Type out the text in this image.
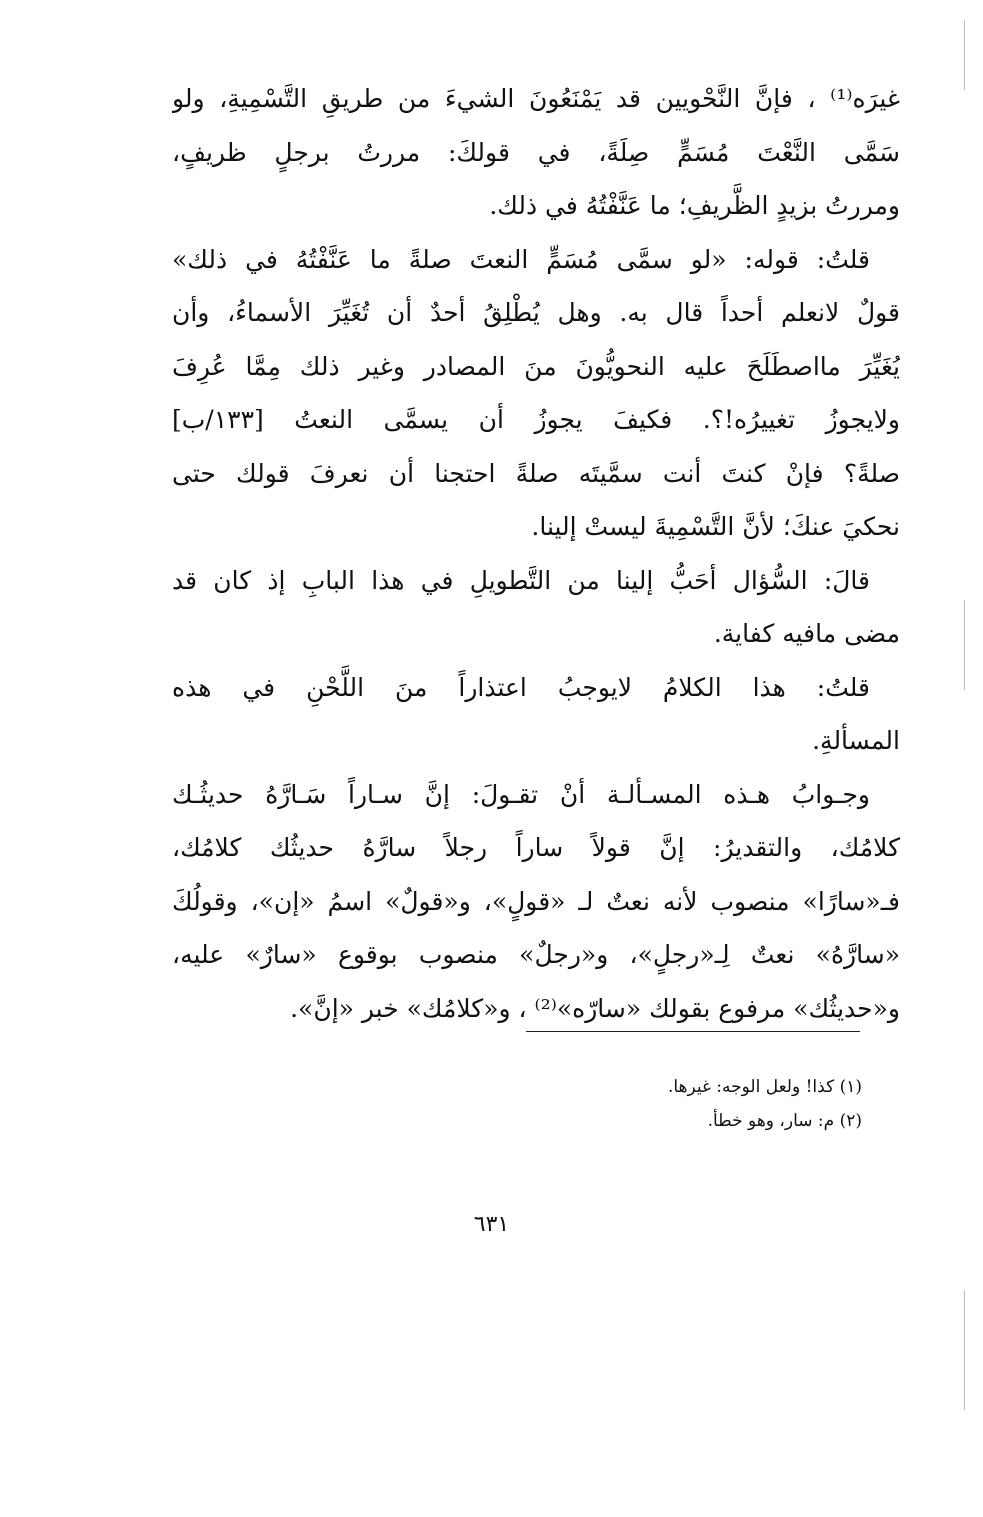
غيرَه⁽¹⁾ ، فإنَّ النَّحْويين قد يَمْنَعُونَ الشيءَ من طريقِ التَّسْمِيةِ، ولو
سَمَّى النَّعْتَ مُسَمٍّ صِلَةً، في قولكَ: مررتُ برجلٍ ظريفٍ،
ومررتُ بزيدٍ الظَّريفِ؛ ما عَنَّفْتُهُ في ذلك.
قلتُ: قوله: «لو سمَّى مُسَمٍّ النعتَ صلةً ما عَنَّفْتُهُ في ذلك»
قولٌ لانعلم أحداً قال به. وهل يُطْلِقُ أحدٌ أن تُغَيِّرَ الأسماءُ، وأن
يُغَيِّرَ مااصطَلَحَ عليه النحويُّونَ منَ المصادر وغير ذلك مِمَّا عُرِفَ
ولايجوزُ تغييرُه!؟. فكيفَ يجوزُ أن يسمَّى النعتُ [١٣٣/ب]
صلةً؟ فإنْ كنتَ أنت سمَّيتَه صلةً احتجنا أن نعرفَ قولك حتى
نحكيَ عنكَ؛ لأنَّ التَّسْمِيةَ ليستْ إلينا.
قالَ: السُّؤال أحَبُّ إلينا من التَّطويلِ في هذا البابِ إذ كان قد
مضى مافيه كفاية.
قلتُ: هذا الكلامُ لايوجبُ اعتذاراً منَ اللَّحْنِ في هذه
المسألةِ.
وجـوابُ هـذه المسـألـة أنْ تقـولَ: إنَّ سـاراً سَـارَّهُ حديثُـك
كلامُك، والتقديرُ: إنَّ قولاً ساراً رجلاً سارَّهُ حديثُك كلامُك،
فـ«سارًا» منصوب لأنه نعتٌ لـ «قولٍ»، و«قولٌ» اسمُ «إن»، وقولُكَ
«سارَّهُ» نعتٌ لِـ«رجلٍ»، و«رجلٌ» منصوب بوقوع «سارٌ» عليه،
و«حديثُك» مرفوع بقولك «سارّه»⁽²⁾ ، و«كلامُك» خبر «إنَّ».
(١) كذا! ولعل الوجه: غيرها.
(٢) م: سار، وهو خطأ.
٦٣١
